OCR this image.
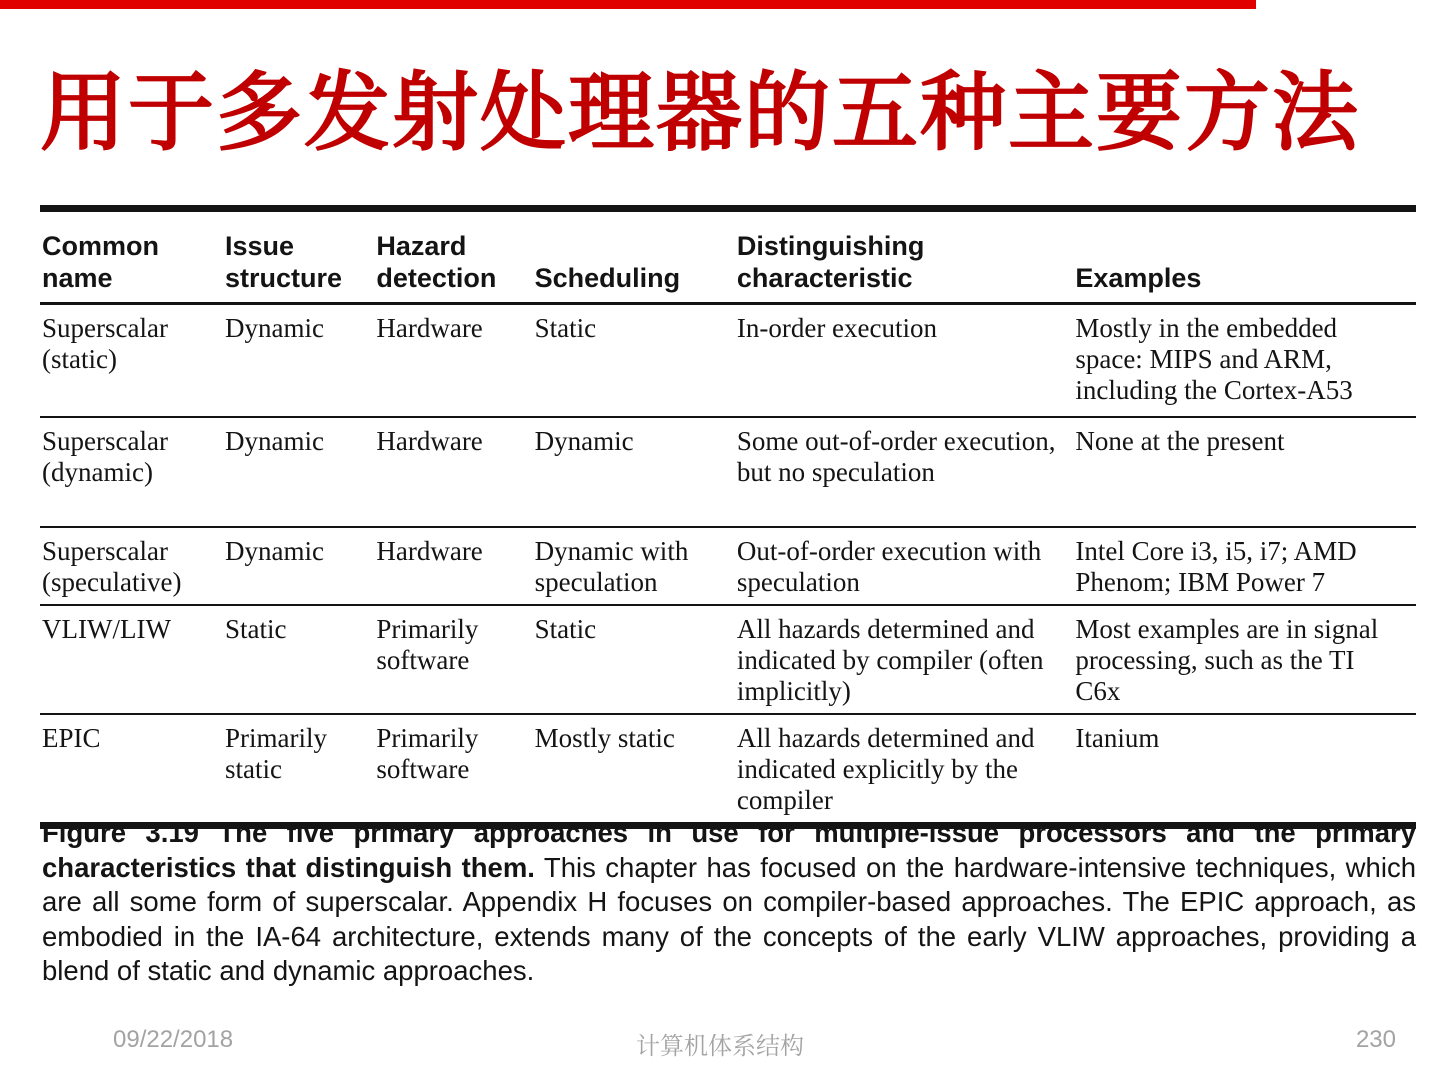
用于多发射处理器的五种主要方法
Common name	Issue structure	Hazard detection	Scheduling	Distinguishing characteristic	Examples
Superscalar (static)	Dynamic	Hardware	Static	In-order execution	Mostly in the embedded space: MIPS and ARM, including the Cortex-A53
Superscalar (dynamic)	Dynamic	Hardware	Dynamic	Some out-of-order execution, but no speculation	None at the present
Superscalar (speculative)	Dynamic	Hardware	Dynamic with speculation	Out-of-order execution with speculation	Intel Core i3, i5, i7; AMD Phenom; IBM Power 7
VLIW/LIW	Static	Primarily software	Static	All hazards determined and indicated by compiler (often implicitly)	Most examples are in signal processing, such as the TI C6x
EPIC	Primarily static	Primarily software	Mostly static	All hazards determined and indicated explicitly by the compiler	Itanium
Figure 3.19 The five primary approaches in use for multiple-issue processors and the primary characteristics that distinguish them. This chapter has focused on the hardware-intensive techniques, which are all some form of superscalar. Appendix H focuses on compiler-based approaches. The EPIC approach, as embodied in the IA-64 architecture, extends many of the concepts of the early VLIW approaches, providing a blend of static and dynamic approaches.
09/22/2018	计算机体系结构	230
